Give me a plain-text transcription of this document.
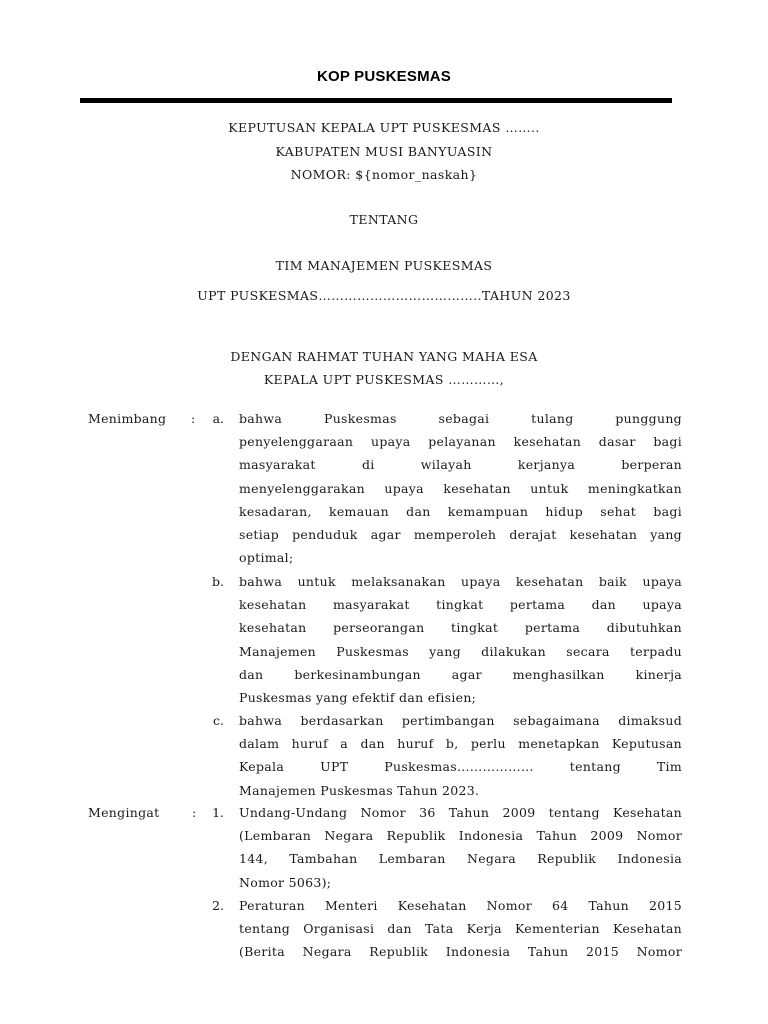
KOP PUSKESMAS
KEPUTUSAN KEPALA UPT PUSKESMAS ……..
KABUPATEN MUSI BANYUASIN
NOMOR: ${nomor_naskah}
TENTANG
TIM MANAJEMEN PUSKESMAS
UPT PUSKESMAS………………………………..TAHUN 2023
DENGAN RAHMAT TUHAN YANG MAHA ESA
KEPALA UPT PUSKESMAS …………,
Menimbang :	a. bahwa Puskesmas sebagai tulang punggung
penyelenggaraan upaya pelayanan kesehatan dasar bagi
masyarakat di wilayah kerjanya berperan
menyelenggarakan upaya kesehatan untuk meningkatkan
kesadaran, kemauan dan kemampuan hidup sehat bagi
setiap penduduk agar memperoleh derajat kesehatan yang
optimal;
b. bahwa untuk melaksanakan upaya kesehatan baik upaya
kesehatan masyarakat tingkat pertama dan upaya
kesehatan perseorangan tingkat pertama dibutuhkan
Manajemen Puskesmas yang dilakukan secara terpadu
dan berkesinambungan agar menghasilkan kinerja
Puskesmas yang efektif dan efisien;
c. bahwa berdasarkan pertimbangan sebagaimana dimaksud
dalam huruf a dan huruf b, perlu menetapkan Keputusan
Kepala UPT Puskesmas……………… tentang Tim
Manajemen Puskesmas Tahun 2023.
Mengingat	:	1. Undang-Undang Nomor 36 Tahun 2009 tentang Kesehatan
(Lembaran Negara Republik Indonesia Tahun 2009 Nomor
144, Tambahan Lembaran Negara Republik Indonesia
Nomor 5063);
2. Peraturan Menteri Kesehatan Nomor 64 Tahun 2015
tentang Organisasi dan Tata Kerja Kementerian Kesehatan
(Berita Negara Republik Indonesia Tahun 2015 Nomor
